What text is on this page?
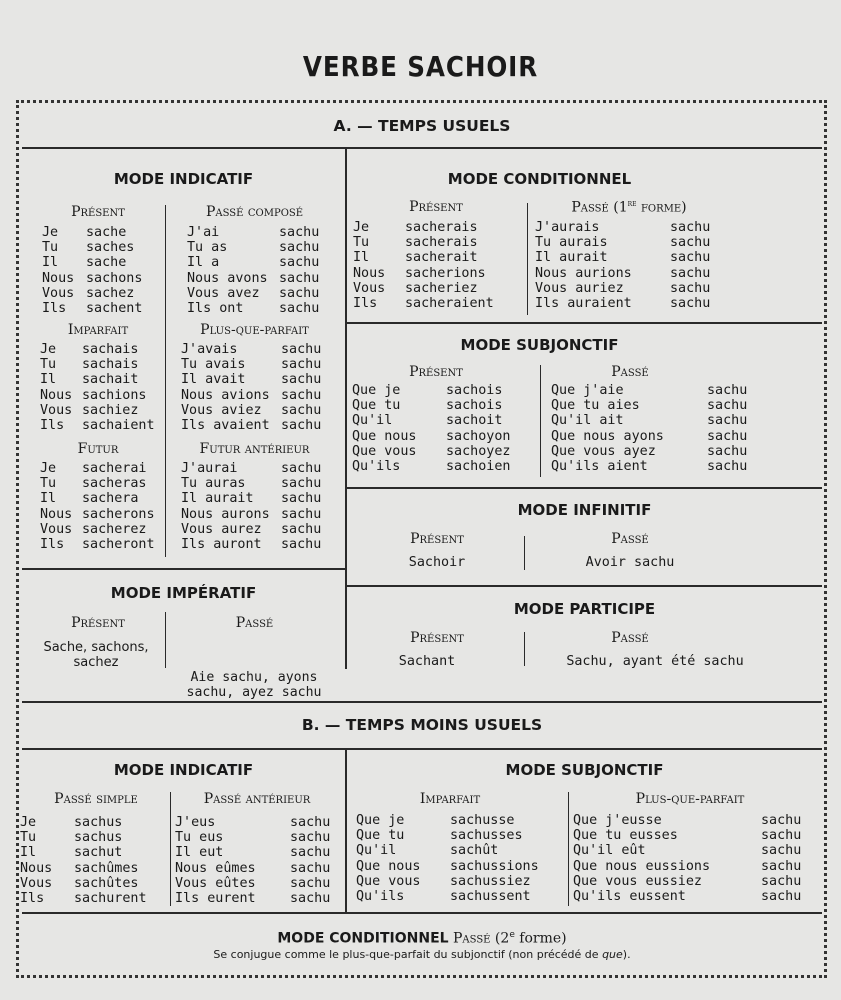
VERBE SACHOIR
A. — TEMPS USUELS
MODE INDICATIF
Présent
Je	sache
Tu	saches
Il	sache
Nous sachons
Vous sachez
Ils	sachent
Passé composé
J'ai	sachu
Tu as	sachu
Il a	sachu
Nous avons sachu
Vous avez	sachu
Ils ont	sachu
Imparfait
Je	sachais
Tu	sachais
Il	sachait
Nous sachions
Vous sachiez
Ils	sachaient
Plus-que-parfait
J'avais	sachu
Tu avais	sachu
Il avait	sachu
Nous avions sachu
Vous aviez	sachu
Ils avaient sachu
Futur
Je	sacherai
Tu	sacheras
Il	sachera
Nous sacherons
Vous sacherez
Ils	sacheront
Futur antérieur
J'aurai	sachu
Tu auras	sachu
Il aurait	sachu
Nous aurons sachu
Vous aurez	sachu
Ils auront	sachu
MODE IMPÉRATIF
Présent	Passé
Sache, sachons,
sachez

Aie sachu, ayons
sachu, ayez sachu

MODE CONDITIONNEL
Présent
Je	sacherais
Tu	sacherais
Il	sacherait
Nous	sacherions
Vous	sacheriez
Ils	sacheraient
Passé (1re forme)
J'aurais	sachu
Tu aurais	sachu
Il aurait	sachu
Nous aurions	sachu
Vous auriez	sachu
Ils auraient	sachu
MODE SUBJONCTIF
Présent
Que je	sachois
Que tu	sachois
Qu'il	sachoit
Que nous	sachoyon
Que vous	sachoyez
Qu'ils	sachoien
Passé
Que j'aie	sachu
Que tu aies	sachu
Qu'il ait	sachu
Que nous ayons	sachu
Que vous ayez	sachu
Qu'ils aient	sachu
MODE INFINITIF
Présent	Passé
Sachoir	Avoir sachu
MODE PARTICIPE
Présent	Passé
Sachant	Sachu, ayant été sachu
B. — TEMPS MOINS USUELS
MODE INDICATIF
Passé simple
Je	sachus
Tu	sachus
Il	sachut
Nous	sachûmes
Vous	sachûtes
Ils	sachurent
Passé antérieur
J'eus	sachu
Tu eus	sachu
Il eut	sachu
Nous eûmes	sachu
Vous eûtes	sachu
Ils eurent	sachu
MODE SUBJONCTIF
Imparfait
Que je	sachusse
Que tu	sachusses
Qu'il	sachût
Que nous	sachussions
Que vous	sachussiez
Qu'ils	sachussent
Plus-que-parfait
Que j'eusse	sachu
Que tu eusses	sachu
Qu'il eût	sachu
Que nous eussions	sachu
Que vous eussiez	sachu
Qu'ils eussent	sachu
MODE CONDITIONNEL Passé (2e forme)
Se conjugue comme le plus-que-parfait du subjonctif (non précédé de que).
